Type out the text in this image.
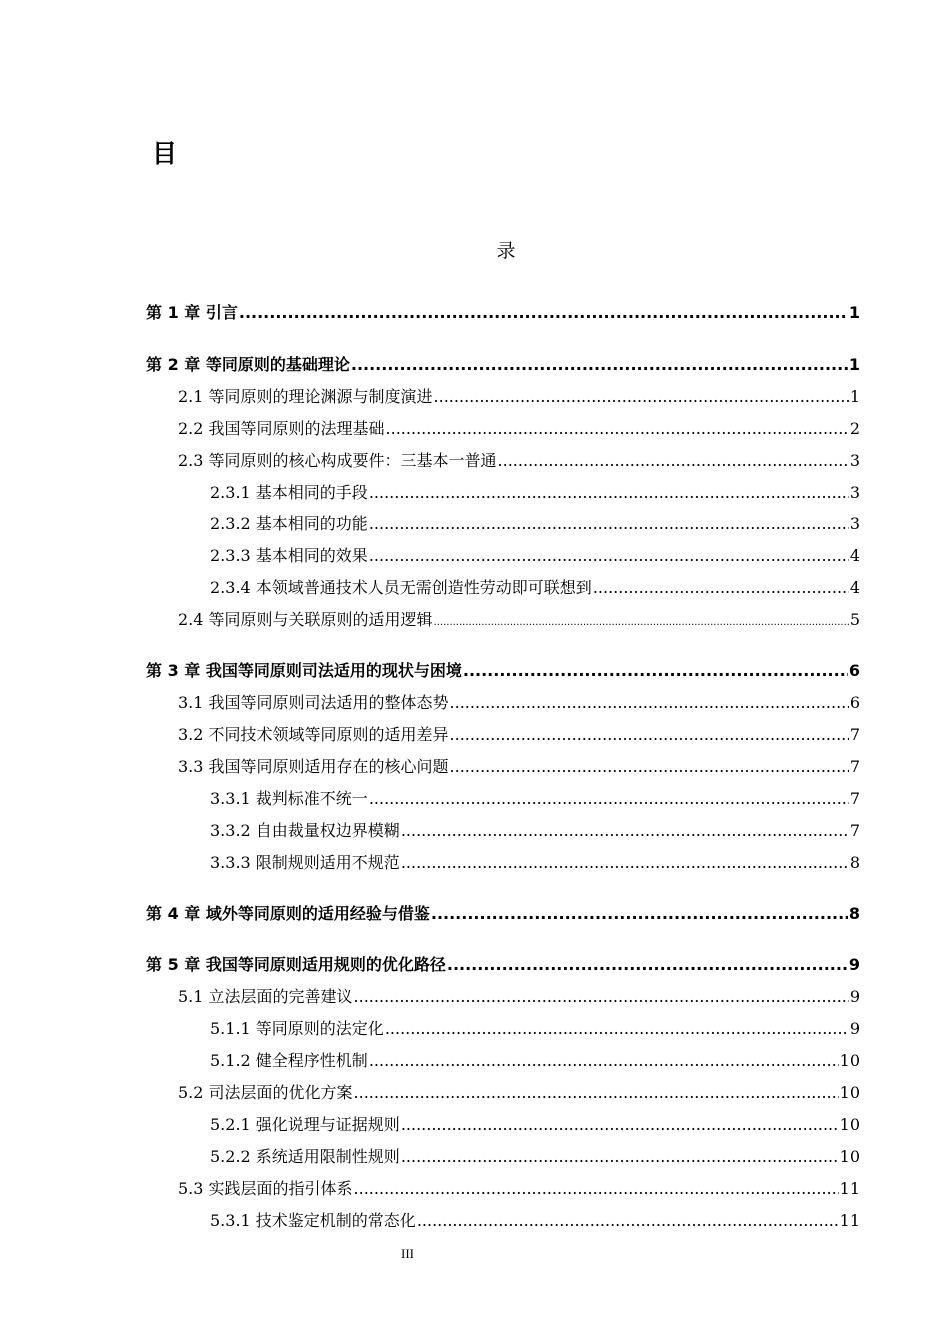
目
录
第 1 章 引言 .....	1
第 2 章 等同原则的基础理论 .....	1
2.1 等同原则的理论渊源与制度演进 .....	1
2.2 我国等同原则的法理基础 .....	2
2.3 等同原则的核心构成要件：三基本一普通 .....	3
2.3.1 基本相同的手段 .....	3
2.3.2 基本相同的功能 .....	3
2.3.3 基本相同的效果 .....	4
2.3.4 本领域普通技术人员无需创造性劳动即可联想到 .....	4
2.4 等同原则与关联原则的适用逻辑 .....	5
第 3 章 我国等同原则司法适用的现状与困境 .....	6
3.1 我国等同原则司法适用的整体态势 .....	6
3.2 不同技术领域等同原则的适用差异 .....	7
3.3 我国等同原则适用存在的核心问题 .....	7
3.3.1 裁判标准不统一 .....	7
3.3.2 自由裁量权边界模糊 .....	7
3.3.3 限制规则适用不规范 .....	8
第 4 章 域外等同原则的适用经验与借鉴 .....	8
第 5 章 我国等同原则适用规则的优化路径 .....	9
5.1 立法层面的完善建议 .....	9
5.1.1 等同原则的法定化 .....	9
5.1.2 健全程序性机制 .....	10
5.2 司法层面的优化方案 .....	10
5.2.1 强化说理与证据规则 .....	10
5.2.2 系统适用限制性规则 .....	10
5.3 实践层面的指引体系 .....	11
5.3.1 技术鉴定机制的常态化 .....	11
III
